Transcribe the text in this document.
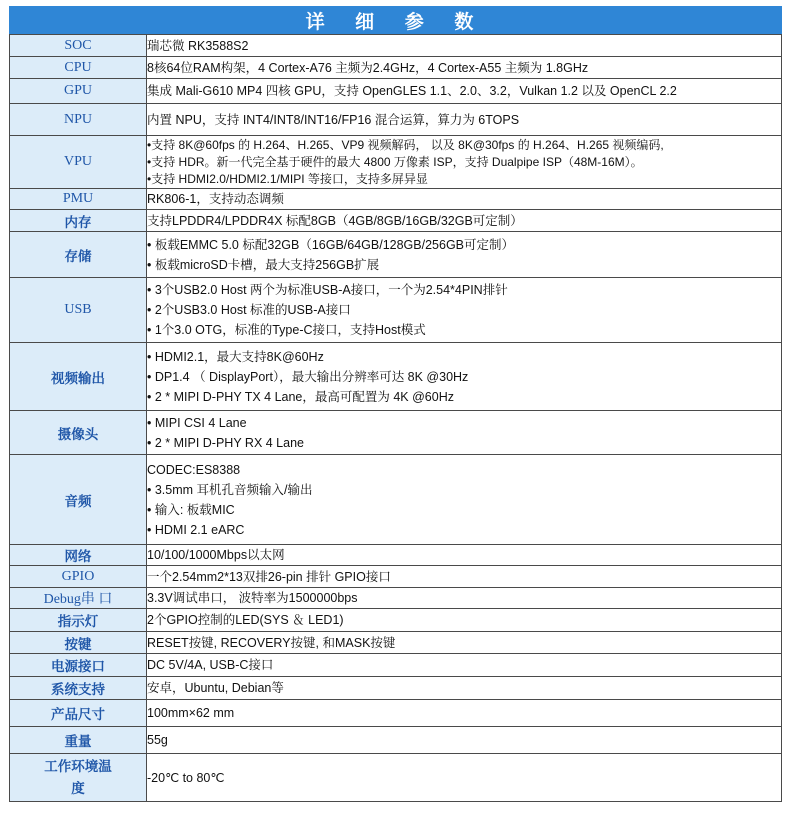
详 细 参 数
SOC	瑞芯微 RK3588S2

CPU	8核64位RAM构架，4 Cortex-A76 主频为2.4GHz，4 Cortex-A55 主频为 1.8GHz

GPU	集成 Mali-G610 MP4 四核 GPU，支持 OpenGLES 1.1、2.0、3.2，Vulkan 1.2 以及 OpenCL 2.2

NPU	内置 NPU，支持 INT4/INT8/INT16/FP16 混合运算，算力为 6TOPS

VPU	•支持 8K@60fps 的 H.264、H.265、VP9 视频解码， 以及 8K@30fps 的 H.264、H.265 视频编码,
•支持 HDR。新一代完全基于硬件的最大 4800 万像素 ISP，支持 Dualpipe ISP（48M-16M）。
•支持 HDMI2.0/HDMI2.1/MIPI 等接口，支持多屏异显

PMU	RK806-1，支持动态调频

内存	支持LPDDR4/LPDDR4X 标配8GB（4GB/8GB/16GB/32GB可定制）

存储	• 板载EMMC 5.0 标配32GB（16GB/64GB/128GB/256GB可定制）
• 板载microSD卡槽，最大支持256GB扩展

USB	• 3个USB2.0 Host 两个为标准USB-A接口，一个为2.54*4PIN排针
• 2个USB3.0 Host 标准的USB-A接口
• 1个3.0 OTG，标准的Type-C接口，支持Host模式

视频输出	• HDMI2.1，最大支持8K@60Hz
• DP1.4 （ DisplayPort），最大输出分辨率可达 8K @30Hz
• 2 * MIPI D-PHY TX 4 Lane，最高可配置为 4K @60Hz

摄像头	• MIPI CSI 4 Lane
• 2 * MIPI D-PHY RX 4 Lane

音频	CODEC:ES8388
• 3.5mm 耳机孔音频输入/输出
• 输入: 板载MIC
• HDMI 2.1 eARC

网络	10/100/1000Mbps以太网

GPIO	一个2.54mm2*13双排26-pin 排针 GPIO接口

Debug串 口	3.3V调试串口， 波特率为1500000bps

指示灯	2个GPIO控制的LED(SYS ＆ LED1)

按键	RESET按键, RECOVERY按键, 和MASK按键

电源接口	DC 5V/4A, USB-C接口

系统支持	安卓，Ubuntu, Debian等

产品尺寸	100mm×62 mm

重量	55g

工作环境温度	-20℃ to 80℃
